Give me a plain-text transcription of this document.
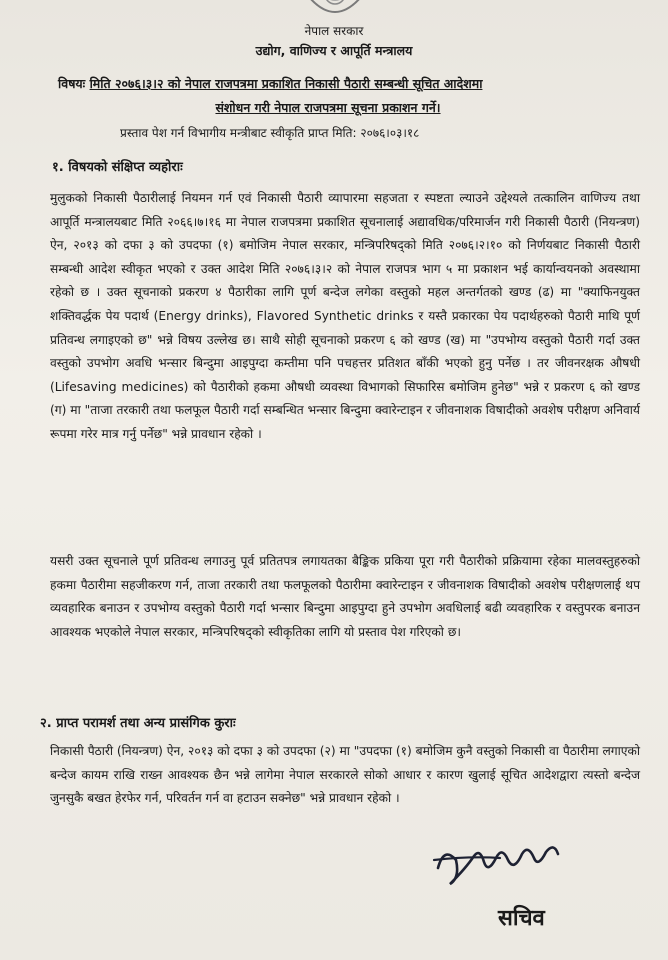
नेपाल सरकार
उद्योग, वाणिज्य र आपूर्ति मन्त्रालय
विषयः मिति २०७६।३।२ को नेपाल राजपत्रमा प्रकाशित निकासी पैठारी सम्बन्धी सूचित आदेशमा
संशोधन गरी नेपाल राजपत्रमा सूचना प्रकाशन गर्ने।
प्रस्ताव पेश गर्न विभागीय मन्त्रीबाट स्वीकृति प्राप्त मिति: २०७६।०३।१८
१. विषयको संक्षिप्त व्यहोराः
मुलुकको निकासी पैठारीलाई नियमन गर्न एवं निकासी पैठारी व्यापारमा सहजता र स्पष्टता ल्याउने उद्देश्यले तत्कालिन वाणिज्य तथा आपूर्ति मन्त्रालयबाट मिति २०६६।७।१६ मा नेपाल राजपत्रमा प्रकाशित सूचनालाई अद्यावधिक/परिमार्जन गरी निकासी पैठारी (नियन्त्रण) ऐन, २०१३ को दफा ३ को उपदफा (१) बमोजिम नेपाल सरकार, मन्त्रिपरिषद्को मिति २०७६।२।१० को निर्णयबाट निकासी पैठारी सम्बन्धी आदेश स्वीकृत भएको र उक्त आदेश मिति २०७६।३।२ को नेपाल राजपत्र भाग ५ मा प्रकाशन भई कार्यान्वयनको अवस्थामा रहेको छ । उक्त सूचनाको प्रकरण ४ पैठारीका लागि पूर्ण बन्देज लगेका वस्तुको महल अन्तर्गतको खण्ड (ढ) मा "क्याफिनयुक्त शक्तिवर्द्धक पेय पदार्थ (Energy drinks), Flavored Synthetic drinks र यस्तै प्रकारका पेय पदार्थहरुको पैठारी माथि पूर्ण प्रतिवन्ध लगाइएको छ" भन्ने विषय उल्लेख छ। साथै सोही सूचनाको प्रकरण ६ को खण्ड (ख) मा "उपभोग्य वस्तुको पैठारी गर्दा उक्त वस्तुको उपभोग अवधि भन्सार बिन्दुमा आइपुग्दा कम्तीमा पनि पचहत्तर प्रतिशत बाँकी भएको हुनु पर्नेछ । तर जीवनरक्षक औषधी (Lifesaving medicines) को पैठारीको हकमा औषधी व्यवस्था विभागको सिफारिस बमोजिम हुनेछ" भन्ने र प्रकरण ६ को खण्ड (ग) मा "ताजा तरकारी तथा फलफूल पैठारी गर्दा सम्बन्धित भन्सार बिन्दुमा क्वारेन्टाइन र जीवनाशक विषादीको अवशेष परीक्षण अनिवार्य रूपमा गरेर मात्र गर्नु पर्नेछ" भन्ने प्रावधान रहेको ।
यसरी उक्त सूचनाले पूर्ण प्रतिवन्ध लगाउनु पूर्व प्रतितपत्र लगायतका बैङ्किक प्रकिया पूरा गरी पैठारीको प्रक्रियामा रहेका मालवस्तुहरुको हकमा पैठारीमा सहजीकरण गर्न, ताजा तरकारी तथा फलफूलको पैठारीमा क्वारेन्टाइन र जीवनाशक विषादीको अवशेष परीक्षणलाई थप व्यवहारिक बनाउन र उपभोग्य वस्तुको पैठारी गर्दा भन्सार बिन्दुमा आइपुग्दा हुने उपभोग अवधिलाई बढी व्यवहारिक र वस्तुपरक बनाउन आवश्यक भएकोले नेपाल सरकार, मन्त्रिपरिषद्को स्वीकृतिका लागि यो प्रस्ताव पेश गरिएको छ।
२. प्राप्त परामर्श तथा अन्य प्रासंगिक कुराः
निकासी पैठारी (नियन्त्रण) ऐन, २०१३ को दफा ३ को उपदफा (२) मा "उपदफा (१) बमोजिम कुनै वस्तुको निकासी वा पैठारीमा लगाएको बन्देज कायम राखि राख्न आवश्यक छैन भन्ने लागेमा नेपाल सरकारले सोको आधार र कारण खुलाई सूचित आदेशद्वारा त्यस्तो बन्देज जुनसुकै बखत हेरफेर गर्न, परिवर्तन गर्न वा हटाउन सक्नेछ" भन्ने प्रावधान रहेको ।
सचिव
